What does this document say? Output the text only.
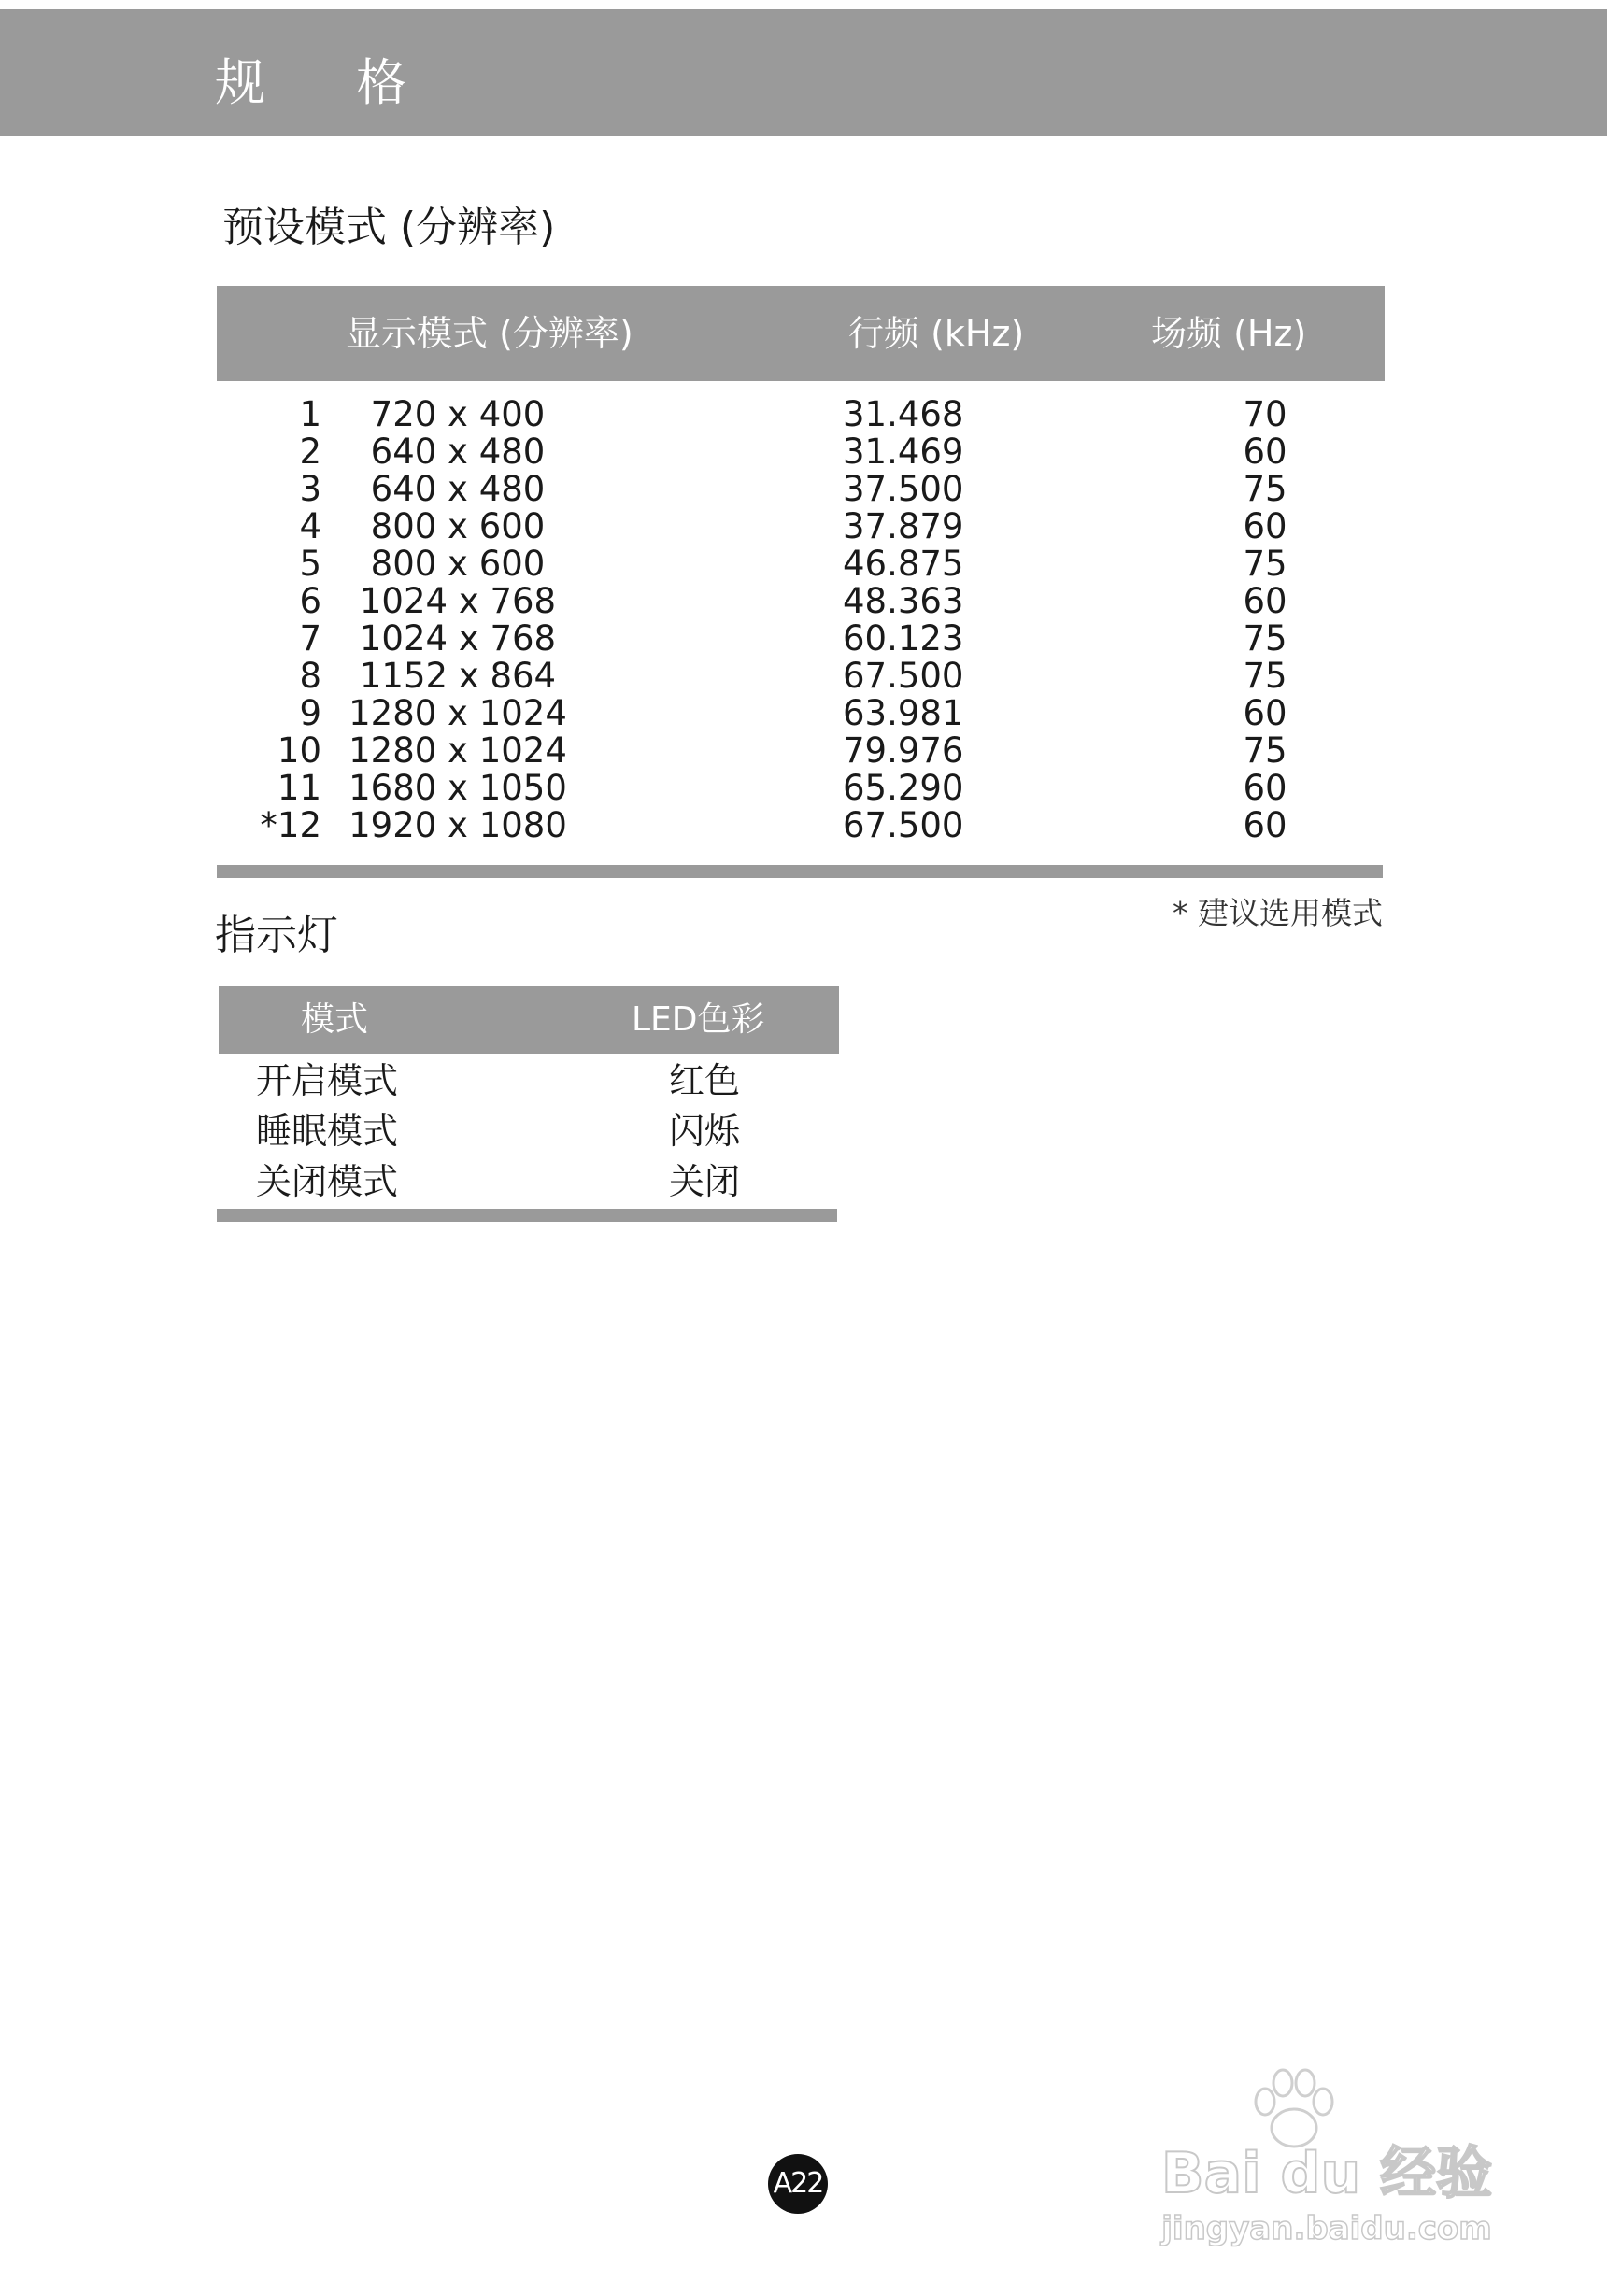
规 格
预设模式 (分辨率)
显示模式 (分辨率)	行频 (kHz)	场频 (Hz)
1	720 x 400	31.468	70
2	640 x 480	31.469	60
3	640 x 480	37.500	75
4	800 x 600	37.879	60
5	800 x 600	46.875	75
6	1024 x 768	48.363	60
7	1024 x 768	60.123	75
8	1152 x 864	67.500	75
9 1280 x 1024	63.981	60
10 1280 x 1024	79.976	75
11 1680 x 1050	65.290	60
*12 1920 x 1080	67.500	60
* 建议选用模式
指示灯
模式	LED色彩
开启模式	红色
睡眠模式	闪烁
关闭模式	关闭
A22	Bai du 经验
jingyan.baidu.com
